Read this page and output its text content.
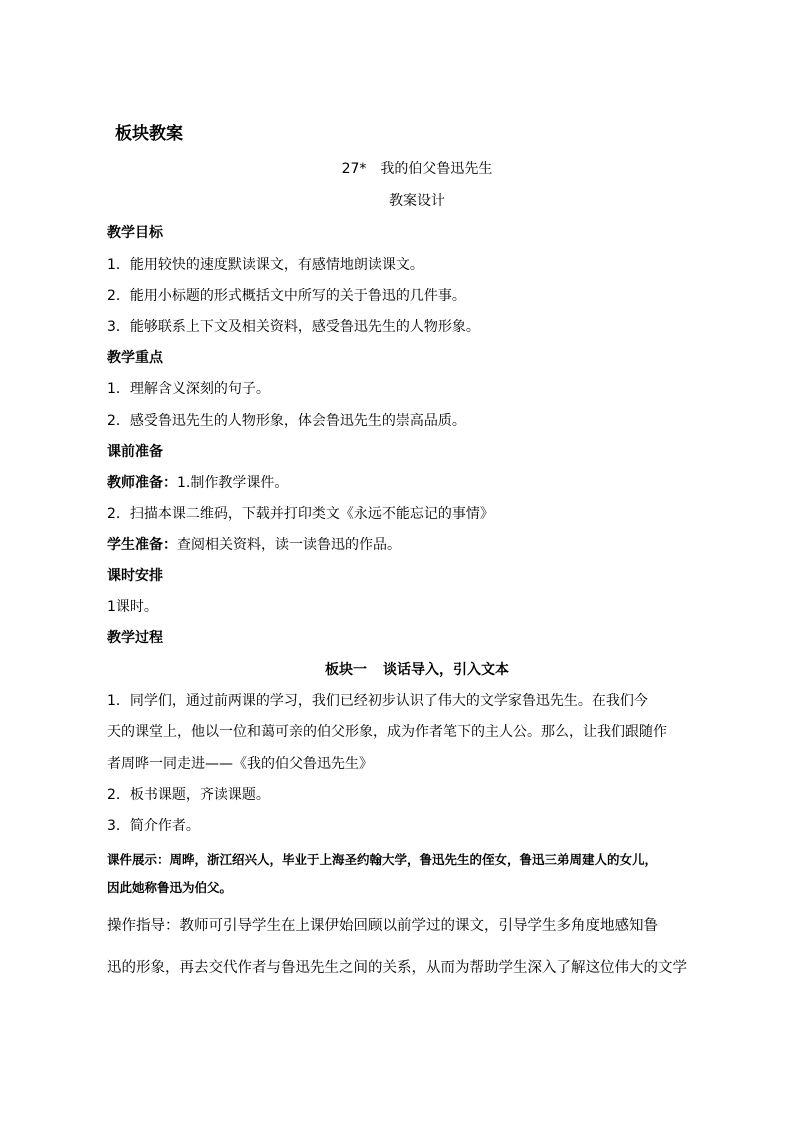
板块教案
27* 我的伯父鲁迅先生
教案设计
教学目标
1．能用较快的速度默读课文，有感情地朗读课文。
2．能用小标题的形式概括文中所写的关于鲁迅的几件事。
3．能够联系上下文及相关资料，感受鲁迅先生的人物形象。
教学重点
1．理解含义深刻的句子。
2．感受鲁迅先生的人物形象，体会鲁迅先生的崇高品质。
课前准备
教师准备：1.制作教学课件。
2．扫描本课二维码，下载并打印类文《永远不能忘记的事情》
学生准备：查阅相关资料，读一读鲁迅的作品。
课时安排
1课时。
教学过程
板块一 谈话导入，引入文本
1．同学们，通过前两课的学习，我们已经初步认识了伟大的文学家鲁迅先生。在我们今
天的课堂上，他以一位和蔼可亲的伯父形象，成为作者笔下的主人公。那么，让我们跟随作
者周晔一同走进——《我的伯父鲁迅先生》
2．板书课题，齐读课题。
3．简介作者。
课件展示：周晔，浙江绍兴人，毕业于上海圣约翰大学，鲁迅先生的侄女，鲁迅三弟周建人的女儿，
因此她称鲁迅为伯父。
操作指导：教师可引导学生在上课伊始回顾以前学过的课文，引导学生多角度地感知鲁
迅的形象，再去交代作者与鲁迅先生之间的关系，从而为帮助学生深入了解这位伟大的文学
